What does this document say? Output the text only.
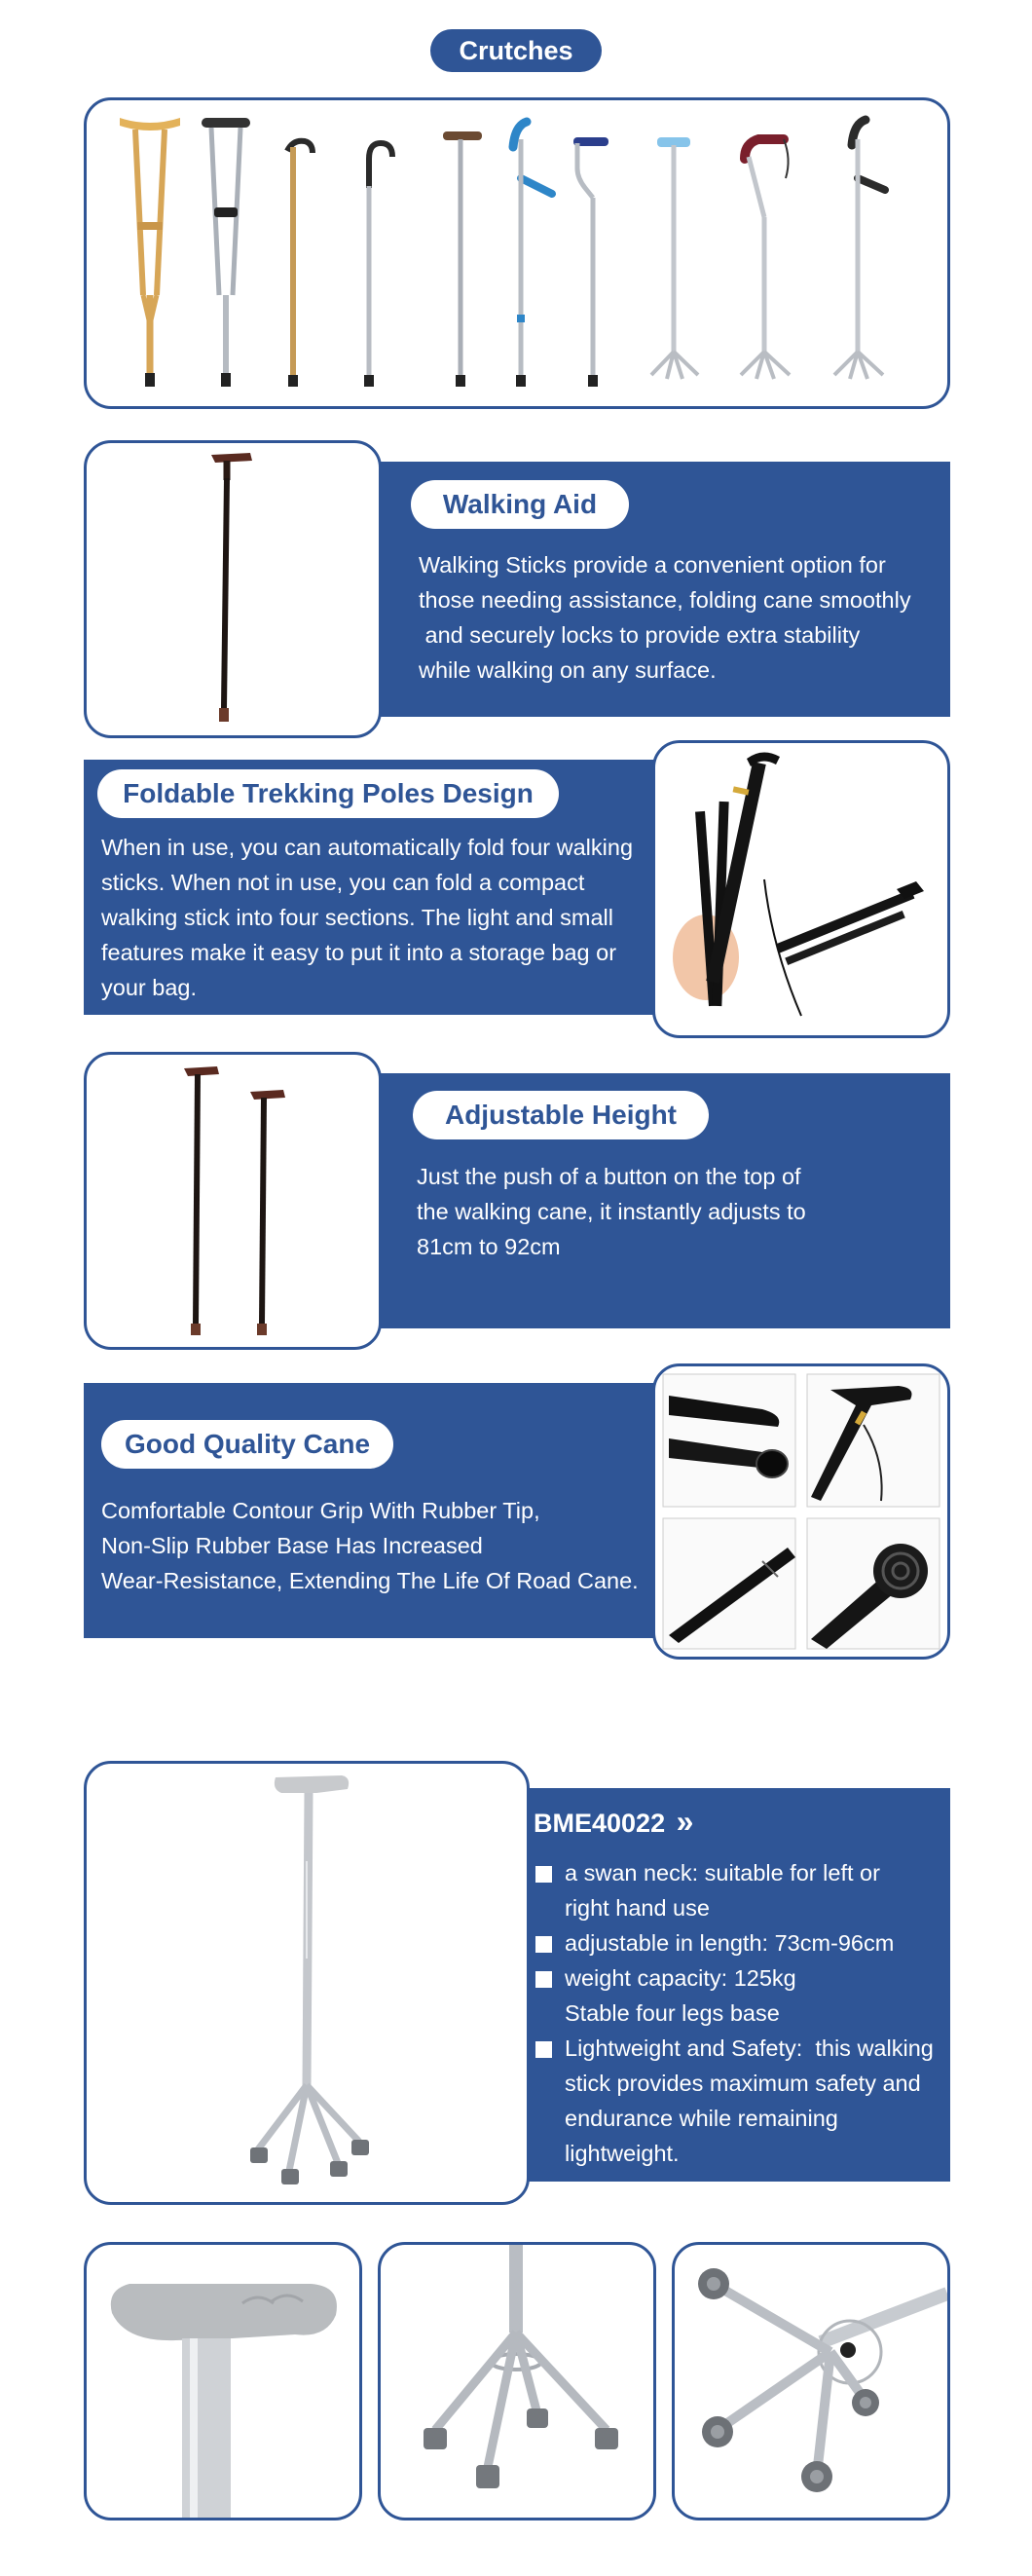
Crutches
Walking Aid
Walking Sticks provide a convenient option for
those needing assistance, folding cane smoothly
and securely locks to provide extra stability
while walking on any surface.
Foldable Trekking Poles Design
When in use, you can automatically fold four walking
sticks. When not in use, you can fold a compact
walking stick into four sections. The light and small
features make it easy to put it into a storage bag or
your bag.
Adjustable Height
Just the push of a button on the top of
the walking cane, it instantly adjusts to
81cm to 92cm
Good Quality Cane
Comfortable Contour Grip With Rubber Tip,
Non-Slip Rubber Base Has Increased
Wear-Resistance, Extending The Life Of Road Cane.
BME40022 »
a swan neck: suitable for left or
right hand use
adjustable in length: 73cm-96cm
weight capacity: 125kg
Stable four legs base
Lightweight and Safety:  this walking
stick provides maximum safety and
endurance while remaining
lightweight.
